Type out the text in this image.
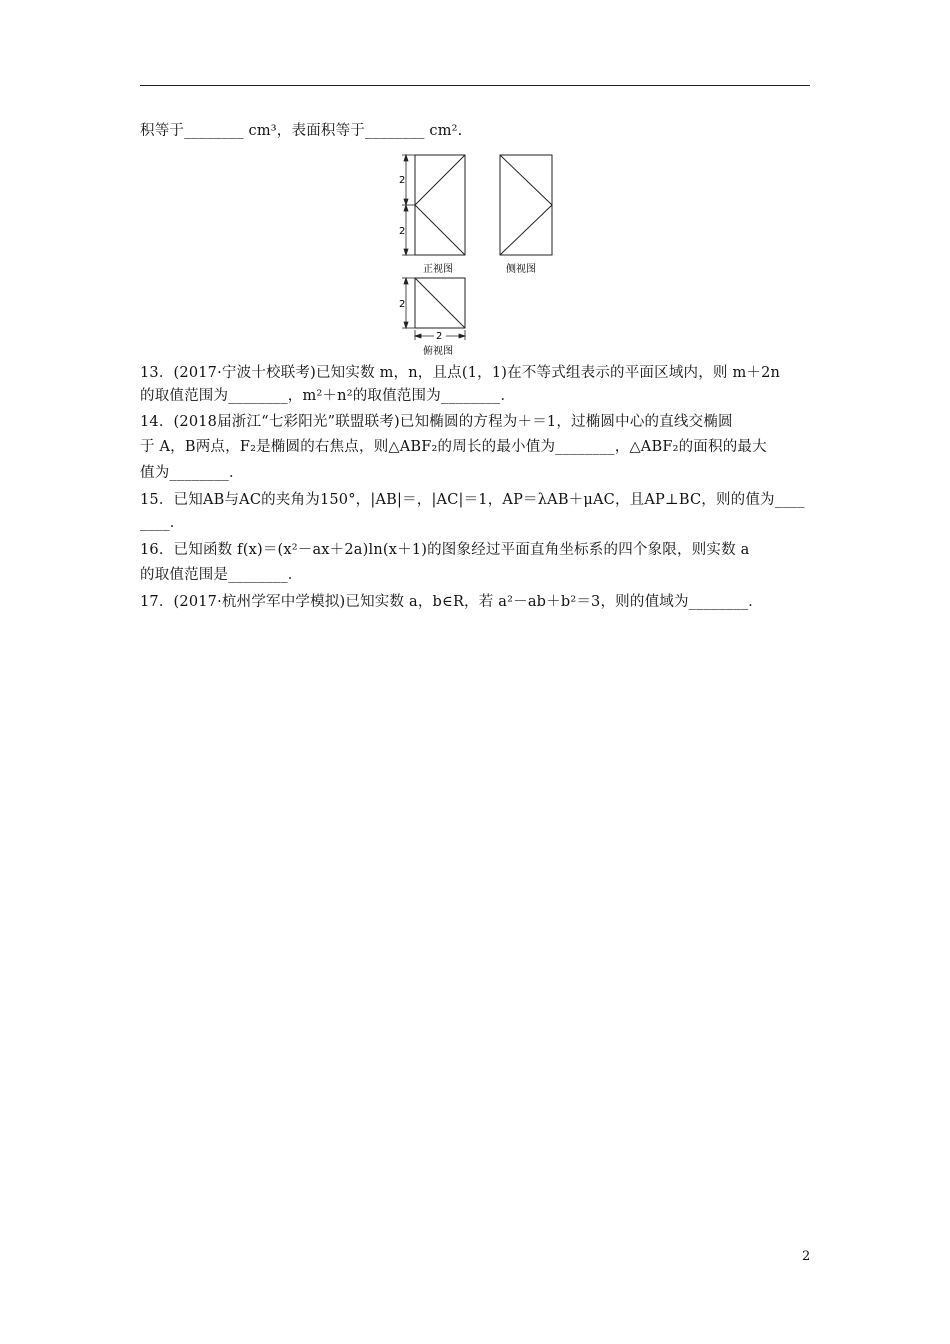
积等于________ cm³，表面积等于________ cm².
2
2
正视图	侧视图
2
2
俯视图
13．(2017·宁波十校联考)已知实数 m，n，且点(1，1)在不等式组表示的平面区域内，则 m＋2n
的取值范围为________，m²＋n²的取值范围为________．
14．(2018届浙江“七彩阳光”联盟联考)已知椭圆的方程为＋＝1，过椭圆中心的直线交椭圆
于 A，B两点，F₂是椭圆的右焦点，则△ABF₂的周长的最小值为________，△ABF₂的面积的最大
值为________．
15．已知AB与AC的夹角为150°，|AB|＝，|AC|＝1，AP＝λAB＋μAC，且AP⊥BC，则的值为____
____．
16．已知函数 f(x)＝(x²－ax＋2a)ln(x＋1)的图象经过平面直角坐标系的四个象限，则实数 a
的取值范围是________．
17．(2017·杭州学军中学模拟)已知实数 a，b∈R，若 a²－ab＋b²＝3，则的值域为________．
2
